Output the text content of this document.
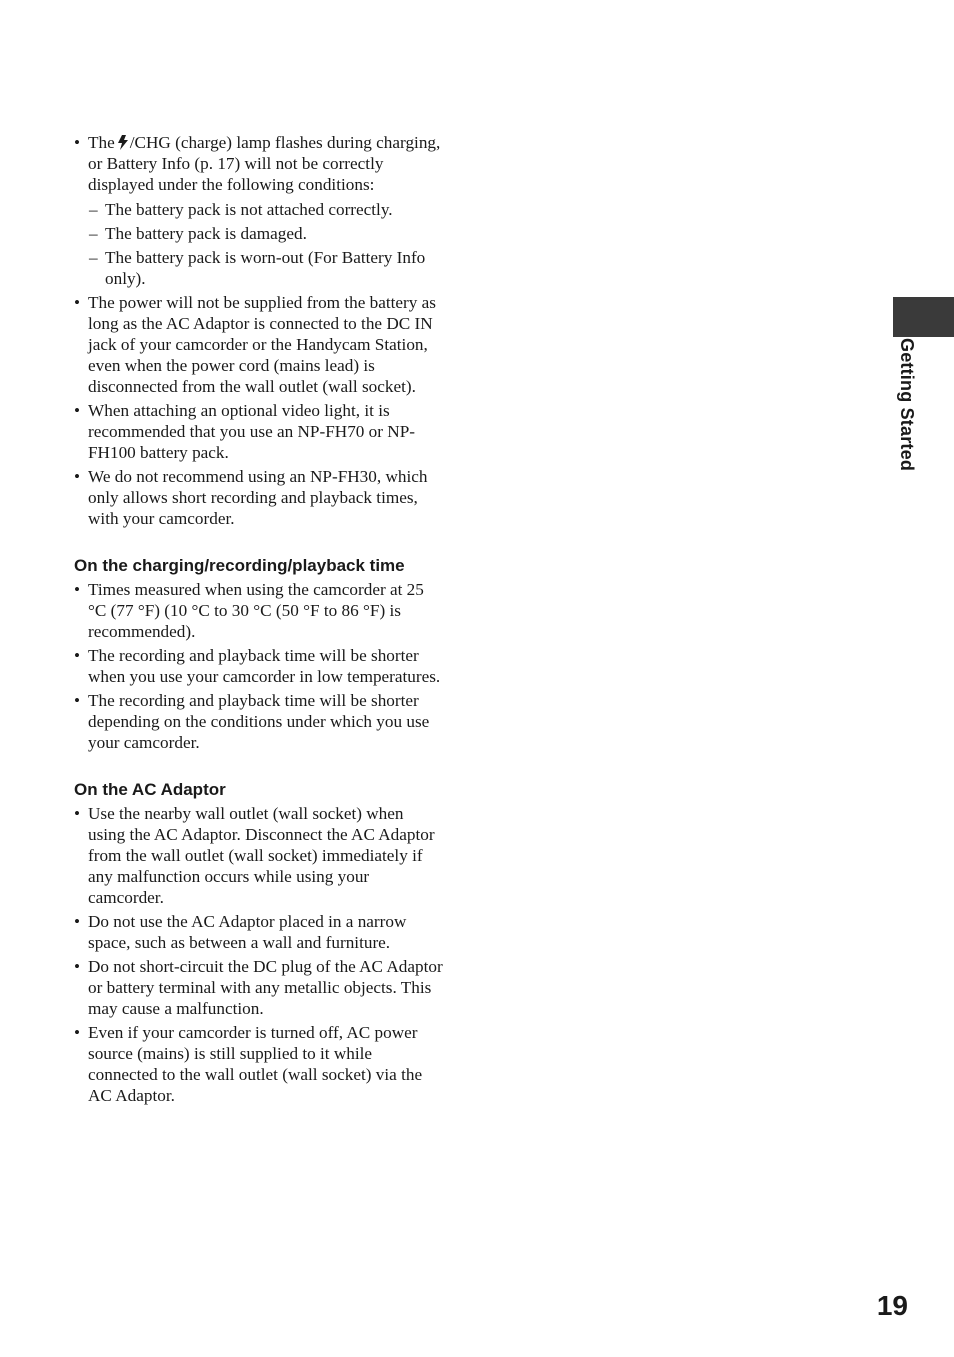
• The /CHG (charge) lamp flashes during charging, or Battery Info (p. 17) will not be correctly displayed under the following conditions:
– The battery pack is not attached correctly.
– The battery pack is damaged.
– The battery pack is worn-out (For Battery Info only).
• The power will not be supplied from the battery as long as the AC Adaptor is connected to the DC IN jack of your camcorder or the Handycam Station, even when the power cord (mains lead) is disconnected from the wall outlet (wall socket).
• When attaching an optional video light, it is recommended that you use an NP-FH70 or NP-FH100 battery pack.
• We do not recommend using an NP-FH30, which only allows short recording and playback times, with your camcorder.
On the charging/recording/playback time
• Times measured when using the camcorder at 25 °C (77 °F) (10 °C to 30 °C (50 °F to 86 °F) is recommended).
• The recording and playback time will be shorter when you use your camcorder in low temperatures.
• The recording and playback time will be shorter depending on the conditions under which you use your camcorder.
On the AC Adaptor
• Use the nearby wall outlet (wall socket) when using the AC Adaptor. Disconnect the AC Adaptor from the wall outlet (wall socket) immediately if any malfunction occurs while using your camcorder.
• Do not use the AC Adaptor placed in a narrow space, such as between a wall and furniture.
• Do not short-circuit the DC plug of the AC Adaptor or battery terminal with any metallic objects. This may cause a malfunction.
• Even if your camcorder is turned off, AC power source (mains) is still supplied to it while connected to the wall outlet (wall socket) via the AC Adaptor.
Getting Started
19
